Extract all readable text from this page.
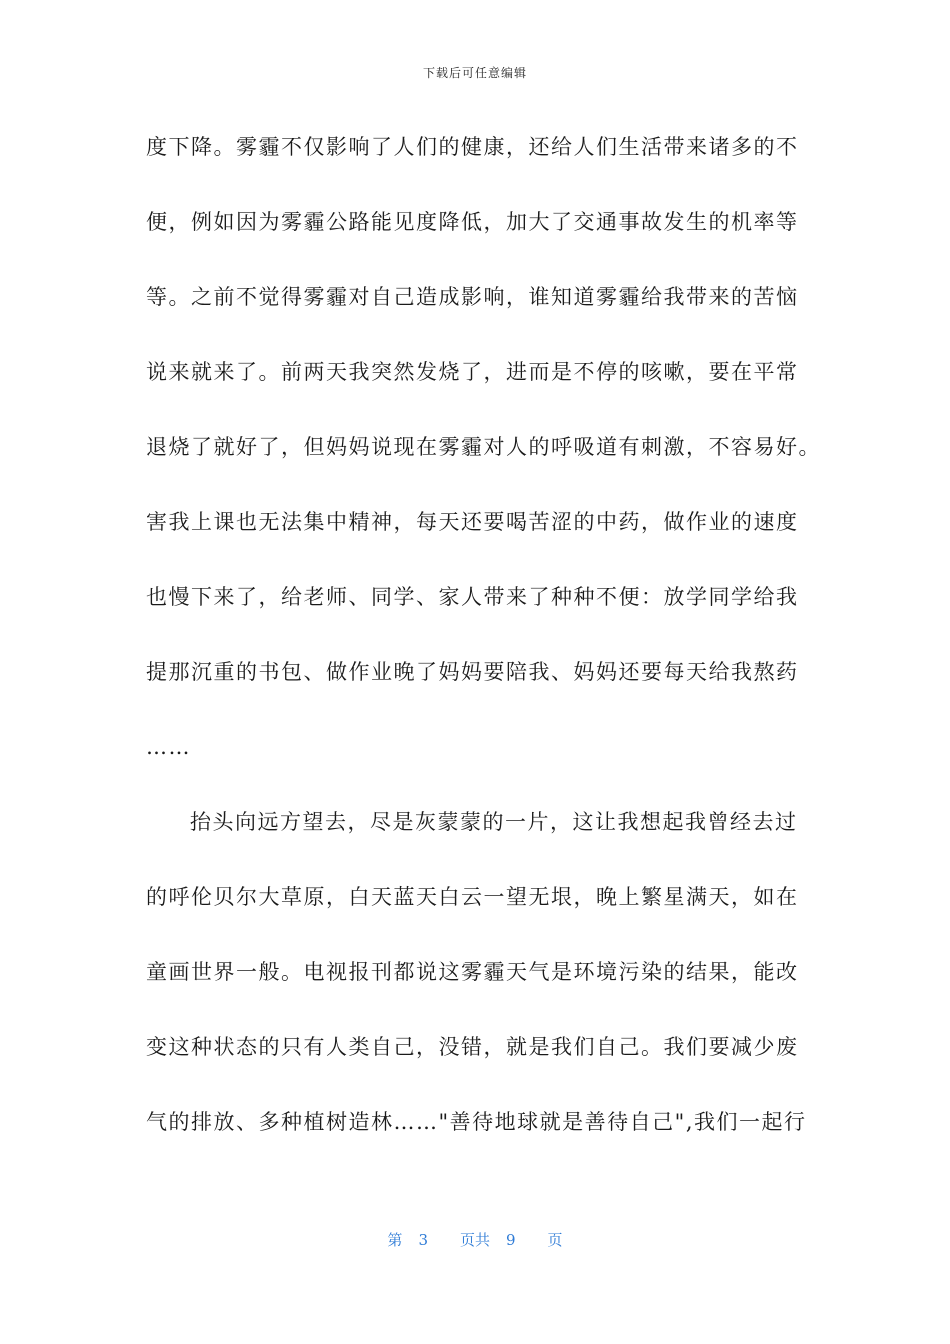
下载后可任意编辑
度下降。雾霾不仅影响了人们的健康，还给人们生活带来诸多的不
便，例如因为雾霾公路能见度降低，加大了交通事故发生的机率等
等。之前不觉得雾霾对自己造成影响，谁知道雾霾给我带来的苦恼
说来就来了。前两天我突然发烧了，进而是不停的咳嗽，要在平常
退烧了就好了，但妈妈说现在雾霾对人的呼吸道有刺激，不容易好。
害我上课也无法集中精神，每天还要喝苦涩的中药，做作业的速度
也慢下来了，给老师、同学、家人带来了种种不便：放学同学给我
提那沉重的书包、做作业晚了妈妈要陪我、妈妈还要每天给我熬药
……
抬头向远方望去，尽是灰蒙蒙的一片，这让我想起我曾经去过
的呼伦贝尔大草原，白天蓝天白云一望无垠，晚上繁星满天，如在
童画世界一般。电视报刊都说这雾霾天气是环境污染的结果，能改
变这种状态的只有人类自己，没错，就是我们自己。我们要减少废
气的排放、多种植树造林……"善待地球就是善待自己",我们一起行
第 3 页共 9 页
